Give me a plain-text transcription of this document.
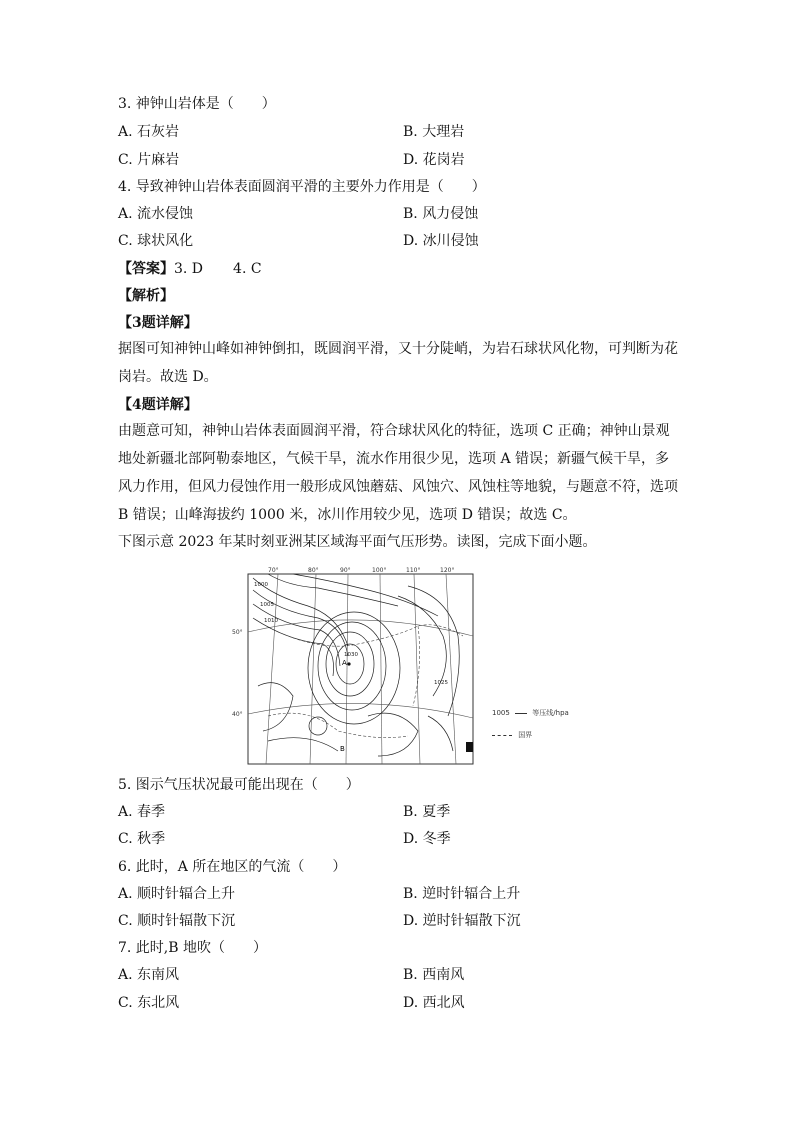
3. 神钟山岩体是（　　）
A. 石灰岩	B. 大理岩
C. 片麻岩	D. 花岗岩
4. 导致神钟山岩体表面圆润平滑的主要外力作用是（　　）
A. 流水侵蚀	B. 风力侵蚀
C. 球状风化	D. 冰川侵蚀
【答案】3. D 4. C
【解析】
【3题详解】
据图可知神钟山峰如神钟倒扣，既圆润平滑，又十分陡峭，为岩石球状风化物，可判断为花
岗岩。故选 D。
【4题详解】
由题意可知，神钟山岩体表面圆润平滑，符合球状风化的特征，选项 C 正确；神钟山景观
地处新疆北部阿勒泰地区，气候干旱，流水作用很少见，选项 A 错误；新疆气候干旱，多
风力作用，但风力侵蚀作用一般形成风蚀蘑菇、风蚀穴、风蚀柱等地貌，与题意不符，选项
B 错误；山峰海拔约 1000 米，冰川作用较少见，选项 D 错误；故选 C。
下图示意 2023 年某时刻亚洲某区域海平面气压形势。读图，完成下面小题。
A
B
70°	80°	90°	100°	110°	120°
50°
40°
1000
1005
1010
1030
1025
1005	等压线/hpa
国界
5. 图示气压状况最可能出现在（　　）
A. 春季	B. 夏季
C. 秋季	D. 冬季
6. 此时，A 所在地区的气流（　　）
A. 顺时针辐合上升	B. 逆时针辐合上升
C. 顺时针辐散下沉	D. 逆时针辐散下沉
7. 此时,B 地吹（　　）
A. 东南风	B. 西南风
C. 东北风	D. 西北风
